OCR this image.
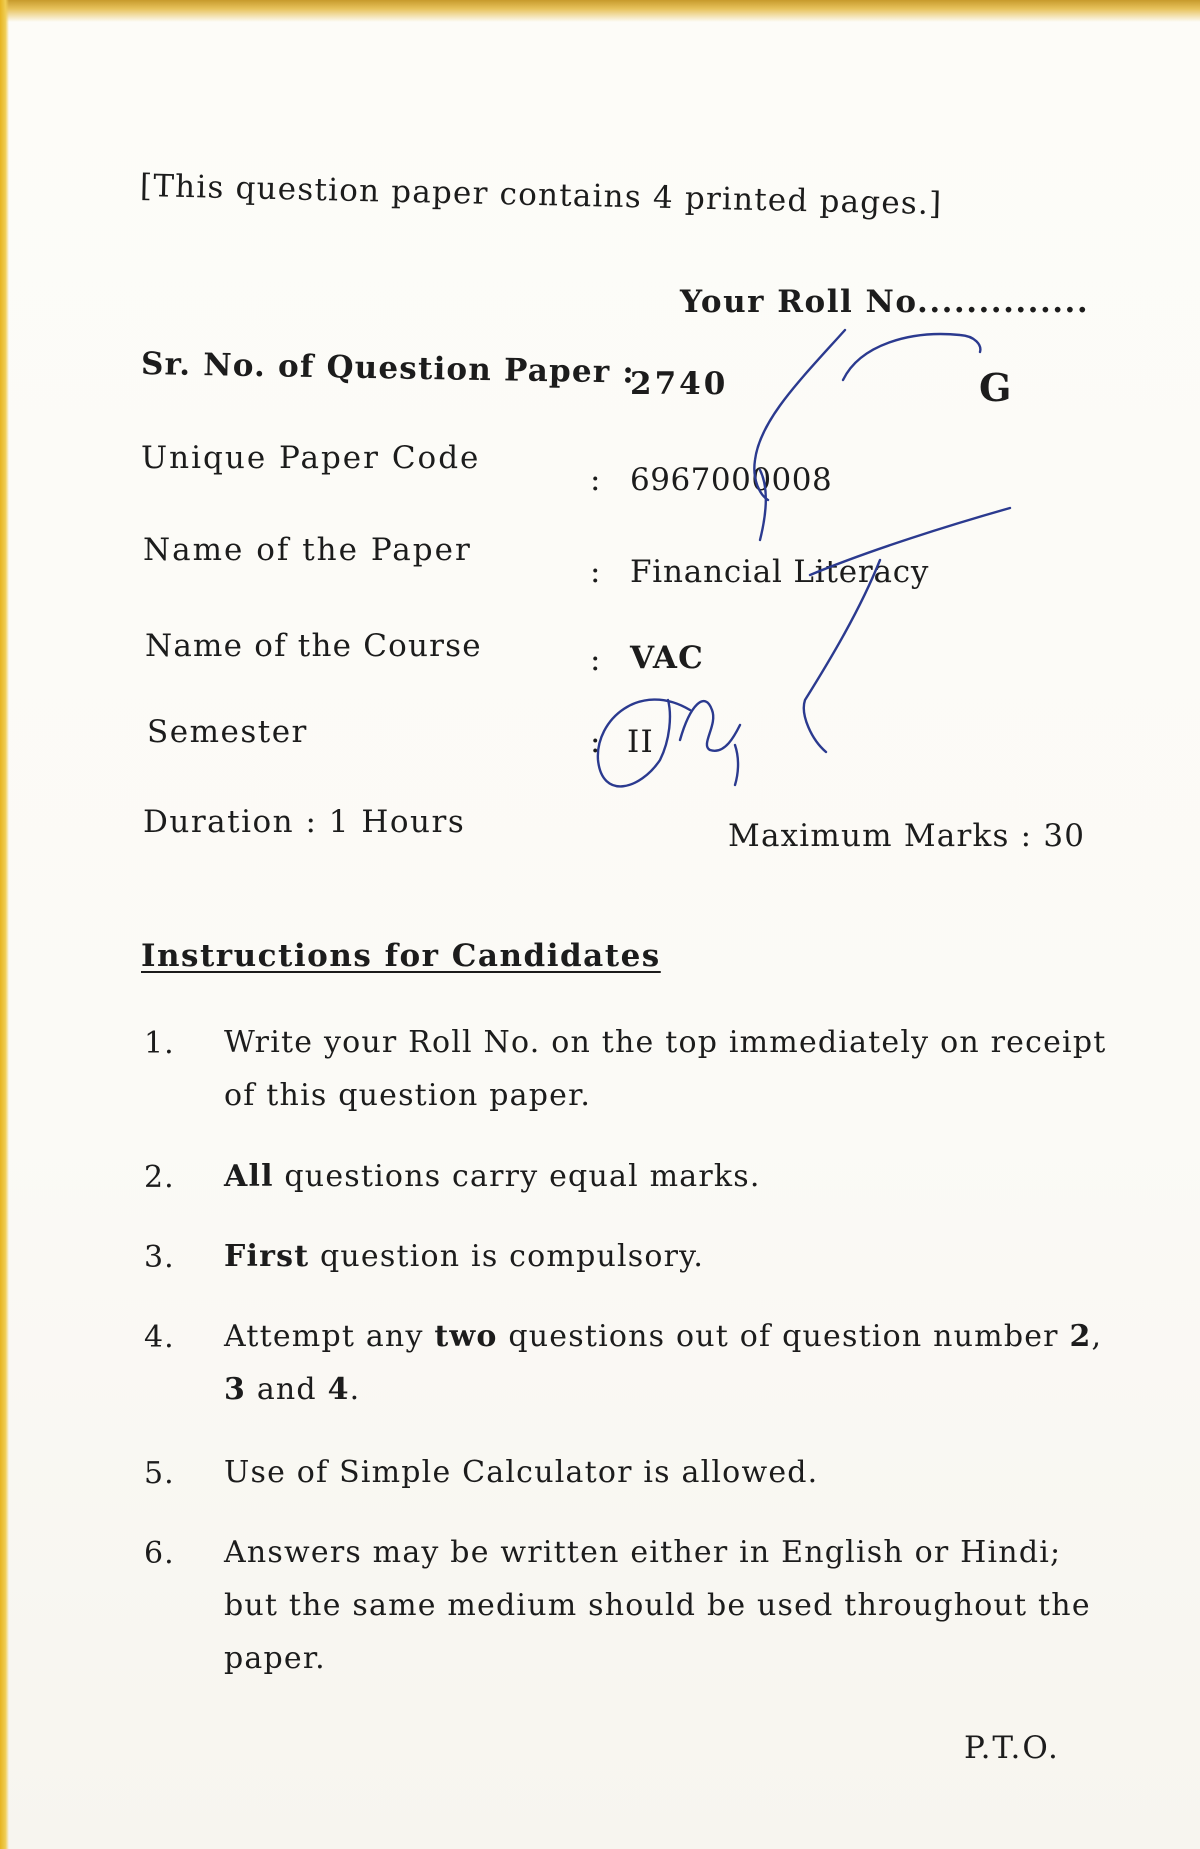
[This question paper contains 4 printed pages.]
Your Roll No..............
G
Sr. No. of Question Paper :
2740
Unique Paper Code
: 6967000008
Name of the Paper
: Financial Literacy
Name of the Course	: VAC
Semester	: II
Duration : 1 Hours	Maximum Marks : 30
Instructions for Candidates
1. Write your Roll No. on the top immediately on receipt of this question paper.
2. All questions carry equal marks.
3. First question is compulsory.
4. Attempt any two questions out of question number 2, 3 and 4.
5. Use of Simple Calculator is allowed.
6. Answers may be written either in English or Hindi; but the same medium should be used throughout the paper.
P.T.O.
